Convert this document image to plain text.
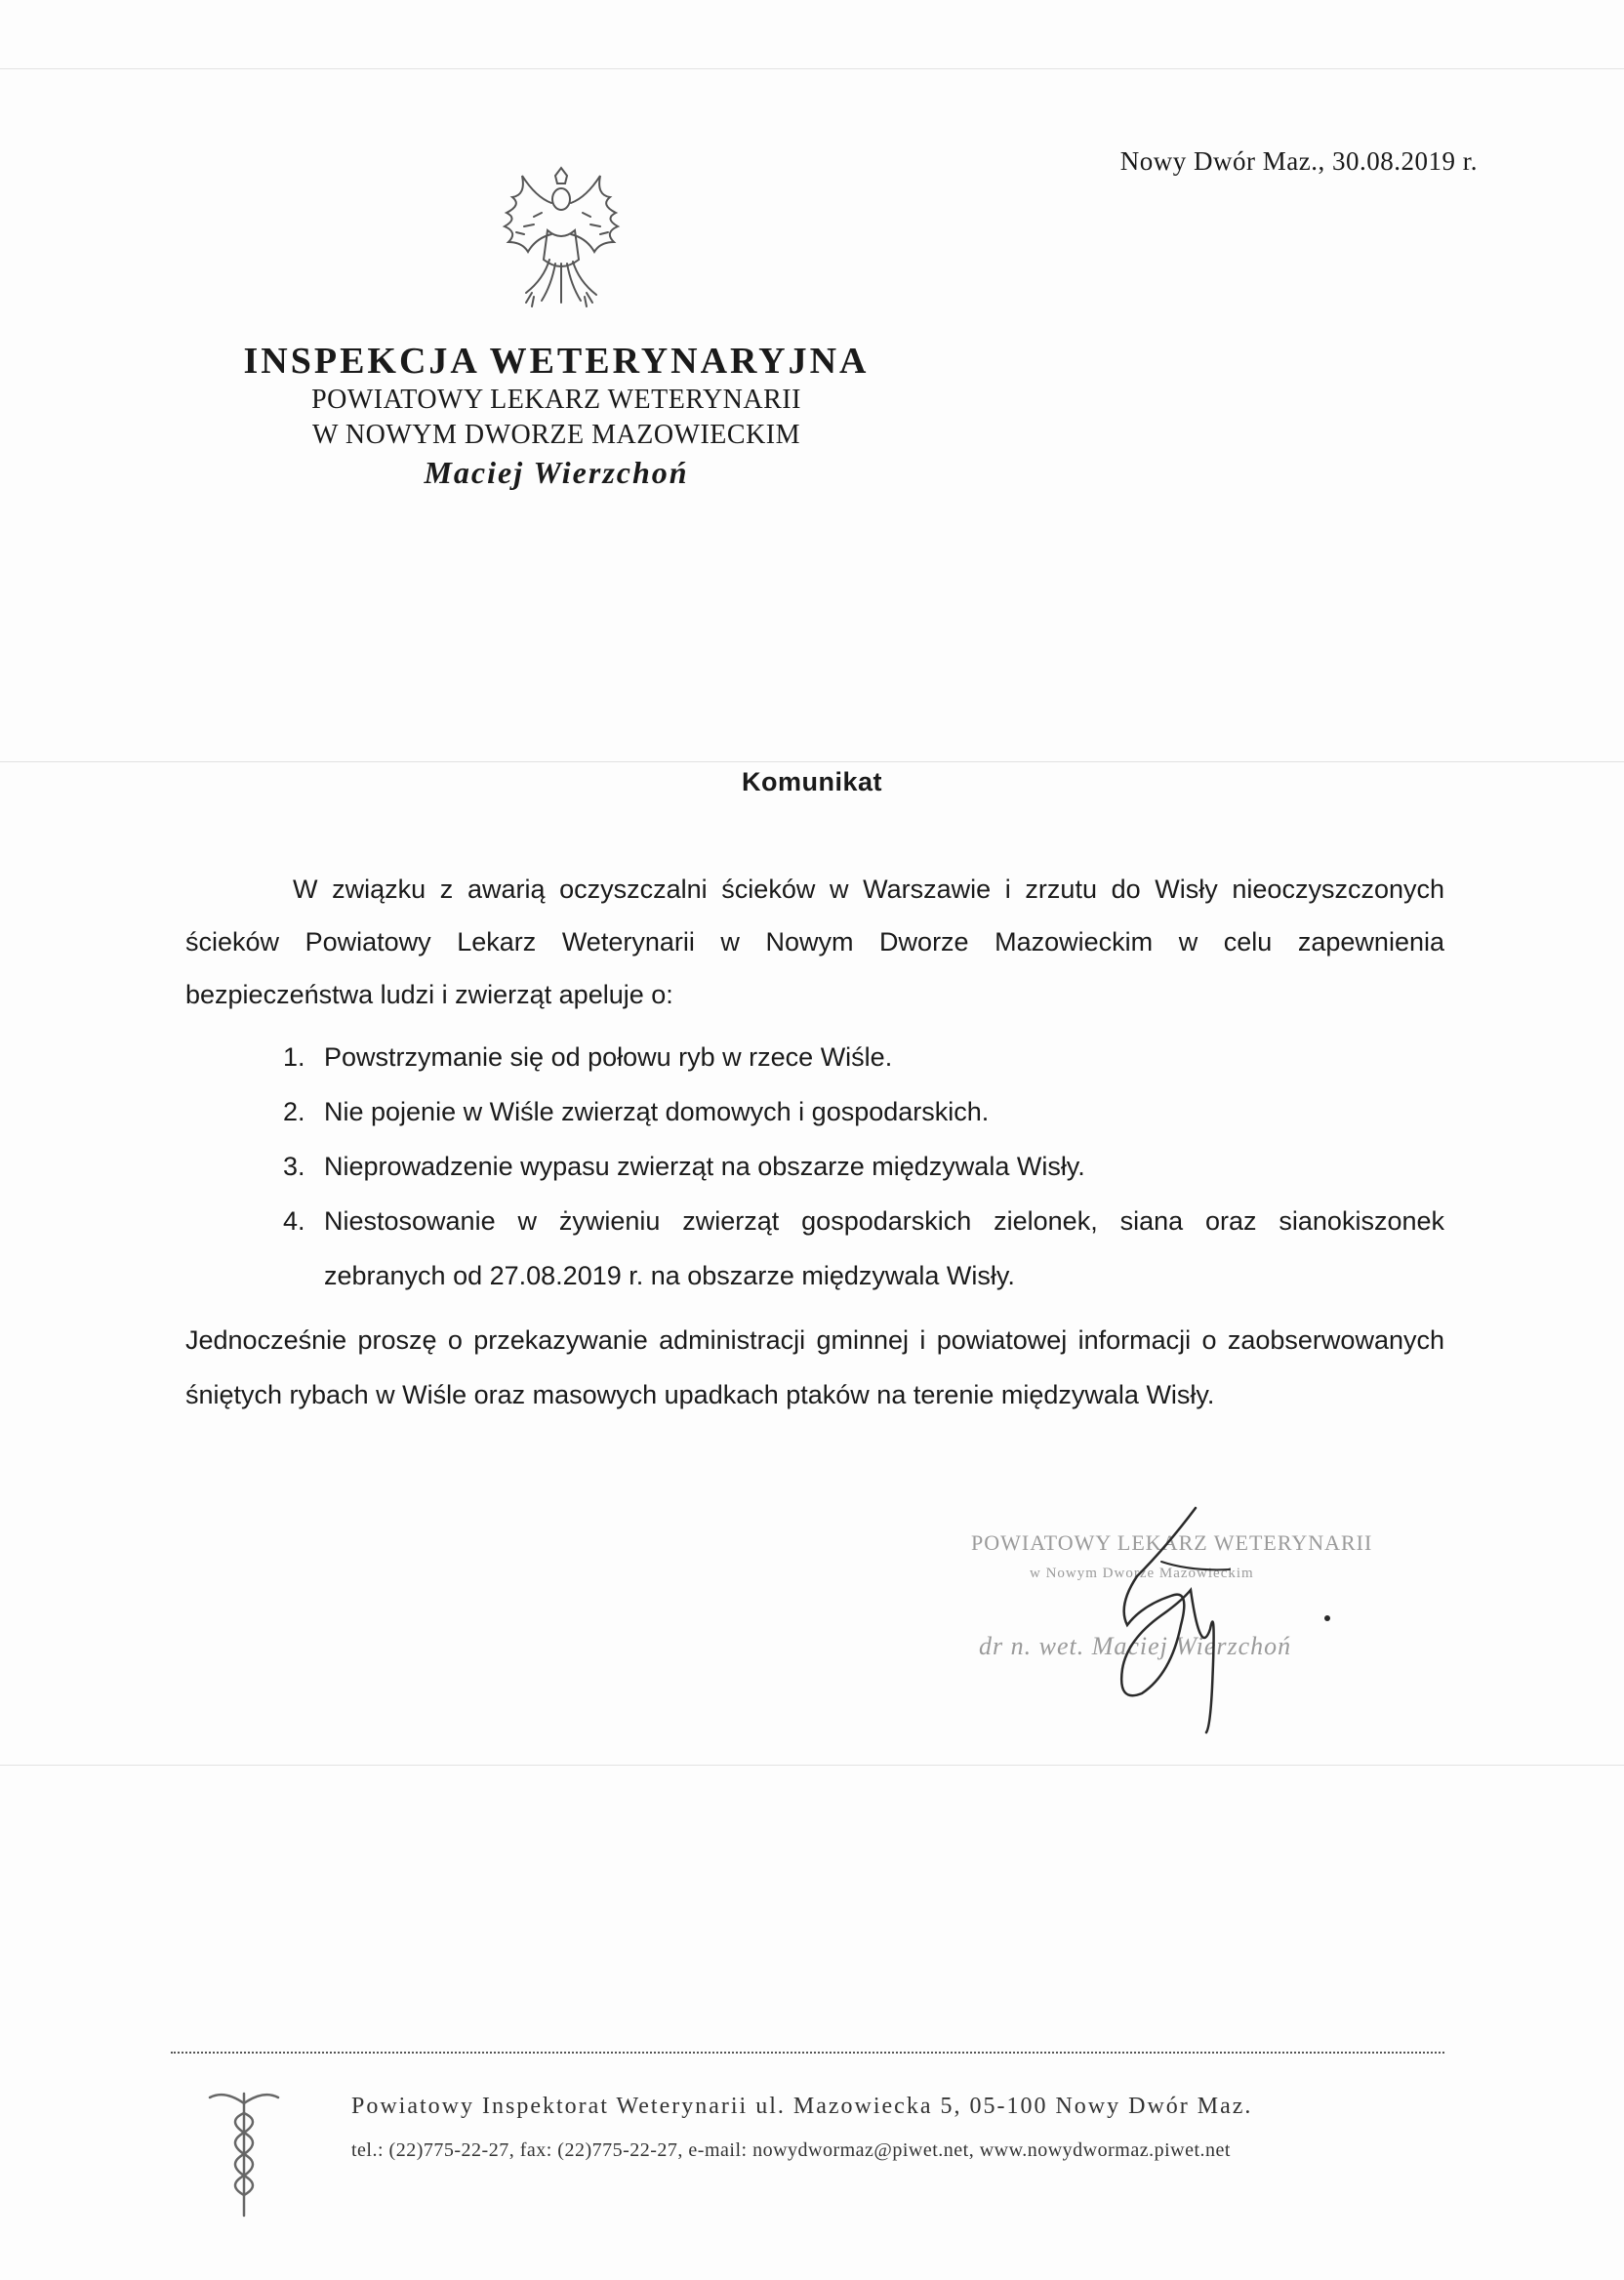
Nowy Dwór Maz., 30.08.2019 r.
INSPEKCJA WETERYNARYJNA
POWIATOWY LEKARZ WETERYNARII
W NOWYM DWORZE MAZOWIECKIM
Maciej Wierzchoń
Komunikat
W związku z awarią oczyszczalni ścieków w Warszawie i zrzutu do Wisły nieoczyszczonych ścieków Powiatowy Lekarz Weterynarii w Nowym Dworze Mazowieckim w celu zapewnienia bezpieczeństwa ludzi i zwierząt apeluje o:
1. Powstrzymanie się od połowu ryb w rzece Wiśle.
2. Nie pojenie w Wiśle zwierząt domowych i gospodarskich.
3. Nieprowadzenie wypasu zwierząt na obszarze międzywala Wisły.
4. Niestosowanie w żywieniu zwierząt gospodarskich zielonek, siana oraz sianokiszonek zebranych od 27.08.2019 r. na obszarze międzywala Wisły.
Jednocześnie proszę o przekazywanie administracji gminnej i powiatowej informacji o zaobserwowanych śniętych rybach w Wiśle oraz masowych upadkach ptaków na terenie międzywala Wisły.
POWIATOWY LEKARZ WETERYNARII
w Nowym Dworze Mazowieckim
dr n. wet. Maciej Wierzchoń
Powiatowy Inspektorat Weterynarii ul. Mazowiecka 5, 05-100 Nowy Dwór Maz.
tel.: (22)775-22-27, fax: (22)775-22-27, e-mail: nowydwormaz@piwet.net, www.nowydwormaz.piwet.net
